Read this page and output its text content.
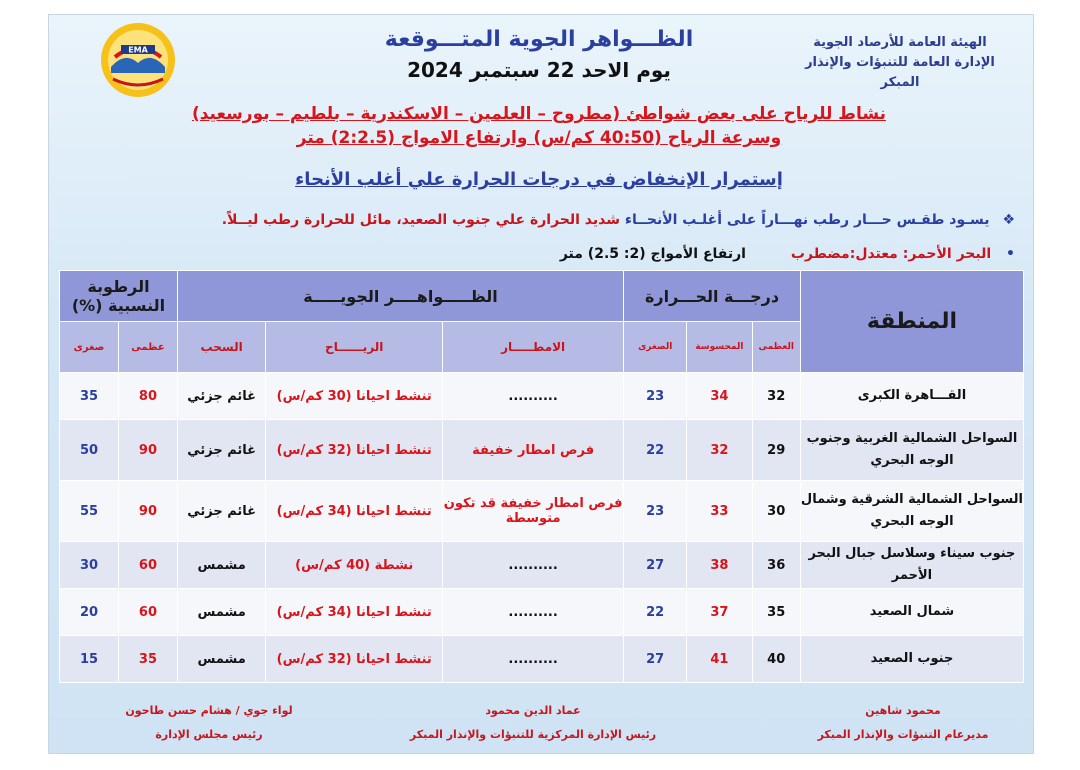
الهيئة العامة للأرصاد الجوية
الإدارة العامة للتنبؤات والإنذار المبكر
الظـــواهر الجوية المتـــوقعة
يوم الاحد 22 سبتمبر 2024
EMA
نشاط للرياح على بعض شواطئ (مطروح – العلمين – الاسكندرية – بلطيم – بورسعيد)
وسرعة الرياح (40:50 كم/س) وارتفاع الامواج (2:2.5) متر
إستمرار الإنخفاض في درجات الحرارة علي أغلب الأنحاء
❖ يسـود طقـس حـــار رطب نهـــاراً على أغلـب الأنحــاء شديد الحرارة علي جنوب الصعيد، مائل للحرارة رطب ليــلاً.
• البحر الأحمر: معتدل:مضطرب ارتفاع الأمواج (2: 2.5) متر
المنطقة	درجـــة الحـــرارة			الظـــــواهــــر الجويـــــة			الرطوبة النسبية (%)	
	العظمى	المحسوسة	الصغرى	الامطـــــار	الريــــــاح	السحب	عظمى	صغرى
القـــاهرة الكبرى	32	34	23	..........	تنشط احيانا (30 كم/س)	غائم جزئي	80	35
السواحل الشمالية الغربية وجنوب الوجه البحري	29	32	22	فرص امطار خفيفة	تنشط احيانا (32 كم/س)	غائم جزئي	90	50
السواحل الشمالية الشرقية وشمال الوجه البحري	30	33	23	فرص امطار خفيفة قد تكون متوسطة	تنشط احيانا (34 كم/س)	غائم جزئي	90	55
جنوب سيناء وسلاسل جبال البحر الأحمر	36	38	27	..........	نشطة (40 كم/س)	مشمس	60	30
شمال الصعيد	35	37	22	..........	تنشط احيانا (34 كم/س)	مشمس	60	20
جنوب الصعيد	40	41	27	..........	تنشط احيانا (32 كم/س)	مشمس	35	15
محمود شاهين
مديرعام التنبؤات والإنذار المبكر
عماد الدين محمود
رئيس الإدارة المركزية للتنبؤات والإنذار المبكر
لواء جوي / هشام حسن طاحون
رئيس مجلس الإدارة
